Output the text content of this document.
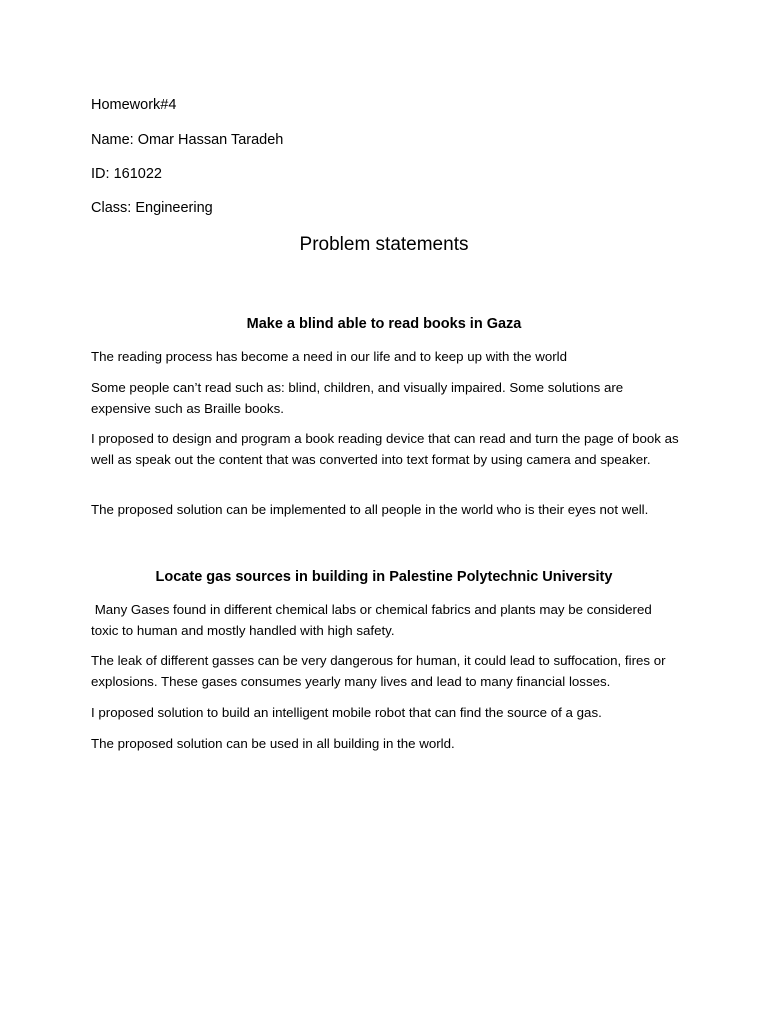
Homework#4
Name: Omar Hassan Taradeh
ID: 161022
Class: Engineering
Problem statements
Make a blind able to read books in Gaza
The reading process has become a need in our life and to keep up with the world
Some people can’t read such as: blind, children, and visually impaired. Some solutions are expensive such as Braille books.
I proposed to design and program a book reading device that can read and turn the page of book as well as speak out the content that was converted into text format by using camera and speaker.
The proposed solution can be implemented to all people in the world who is their eyes not well.
Locate gas sources in building in Palestine Polytechnic University
Many Gases found in different chemical labs or chemical fabrics and plants may be considered toxic to human and mostly handled with high safety.
The leak of different gasses can be very dangerous for human, it could lead to suffocation, fires or explosions. These gases consumes yearly many lives and lead to many financial losses.
I proposed solution to build an intelligent mobile robot that can find the source of a gas.
The proposed solution can be used in all building in the world.
